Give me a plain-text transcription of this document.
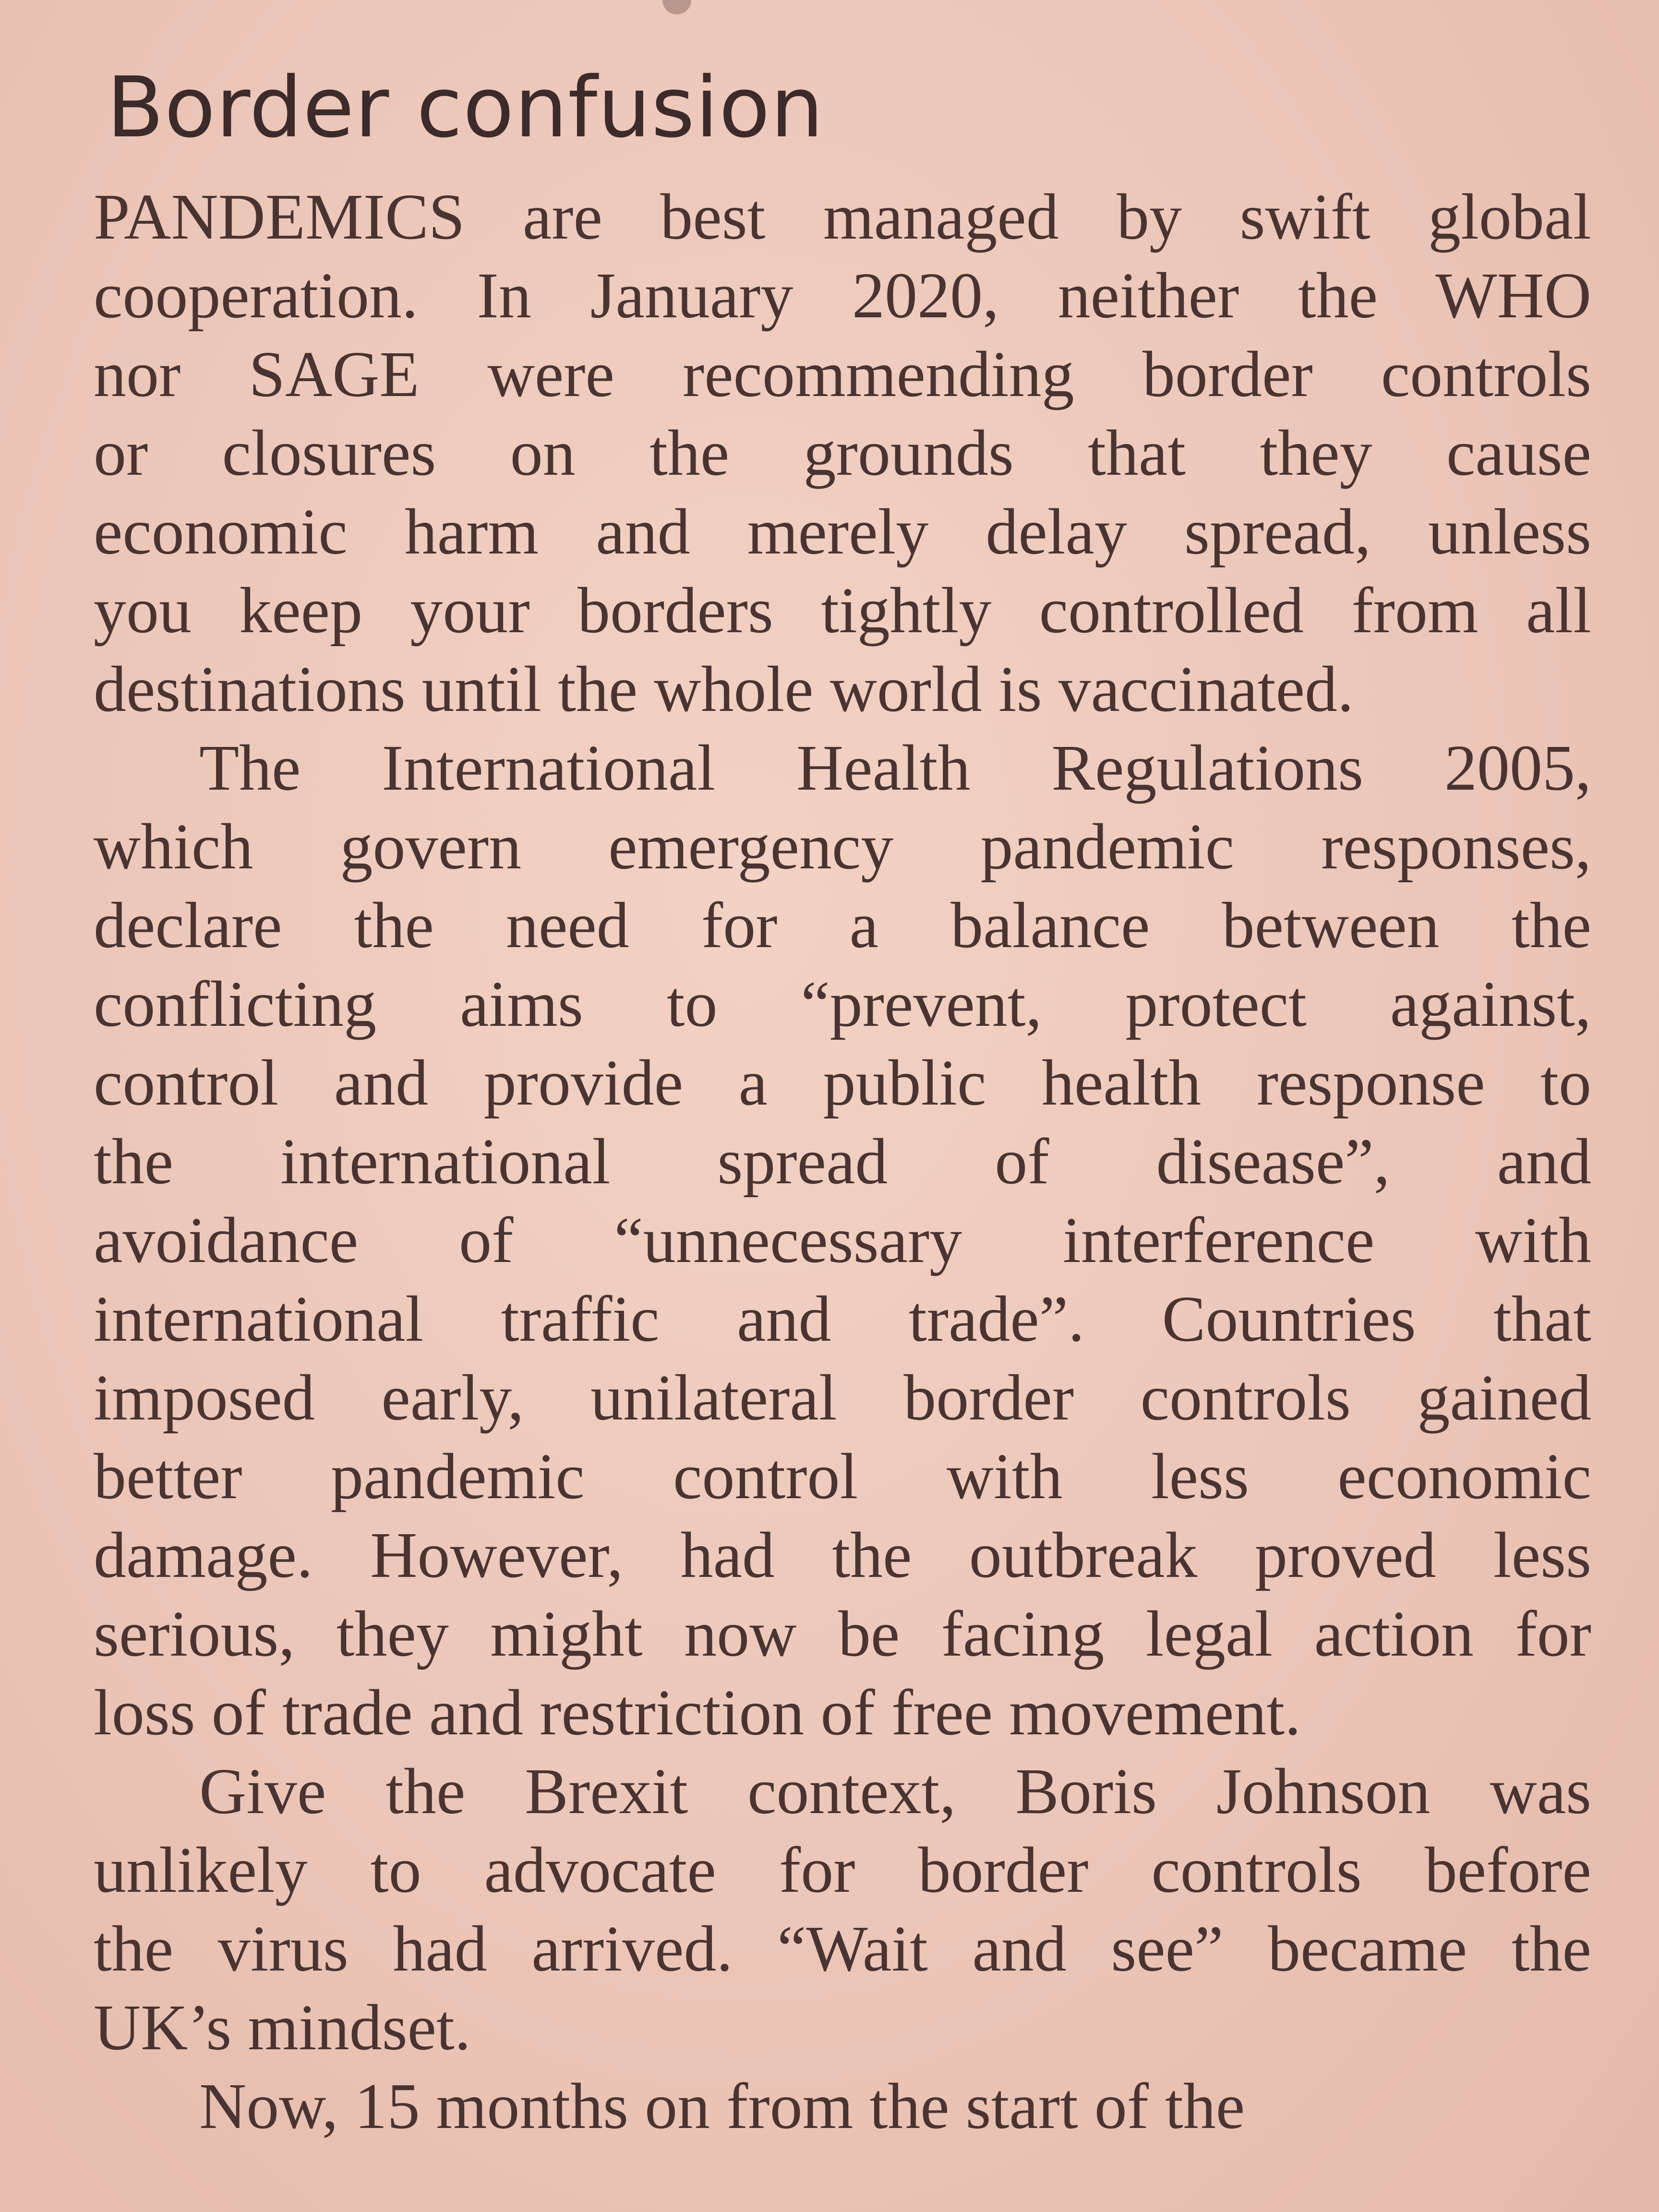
Border confusion

PANDEMICS are best managed by swift global
cooperation. In January 2020, neither the WHO
nor SAGE were recommending border controls
or closures on the grounds that they cause
economic harm and merely delay spread, unless
you keep your borders tightly controlled from all
destinations until the whole world is vaccinated.

The International Health Regulations 2005,
which govern emergency pandemic responses,
declare the need for a balance between the
conflicting aims to “prevent, protect against,
control and provide a public health response to
the international spread of disease”, and
avoidance of “unnecessary interference with
international traffic and trade”. Countries that
imposed early, unilateral border controls gained
better pandemic control with less economic
damage. However, had the outbreak proved less
serious, they might now be facing legal action for
loss of trade and restriction of free movement.

Give the Brexit context, Boris Johnson was
unlikely to advocate for border controls before
the virus had arrived. “Wait and see” became the
UK’s mindset.

Now, 15 months on from the start of the
